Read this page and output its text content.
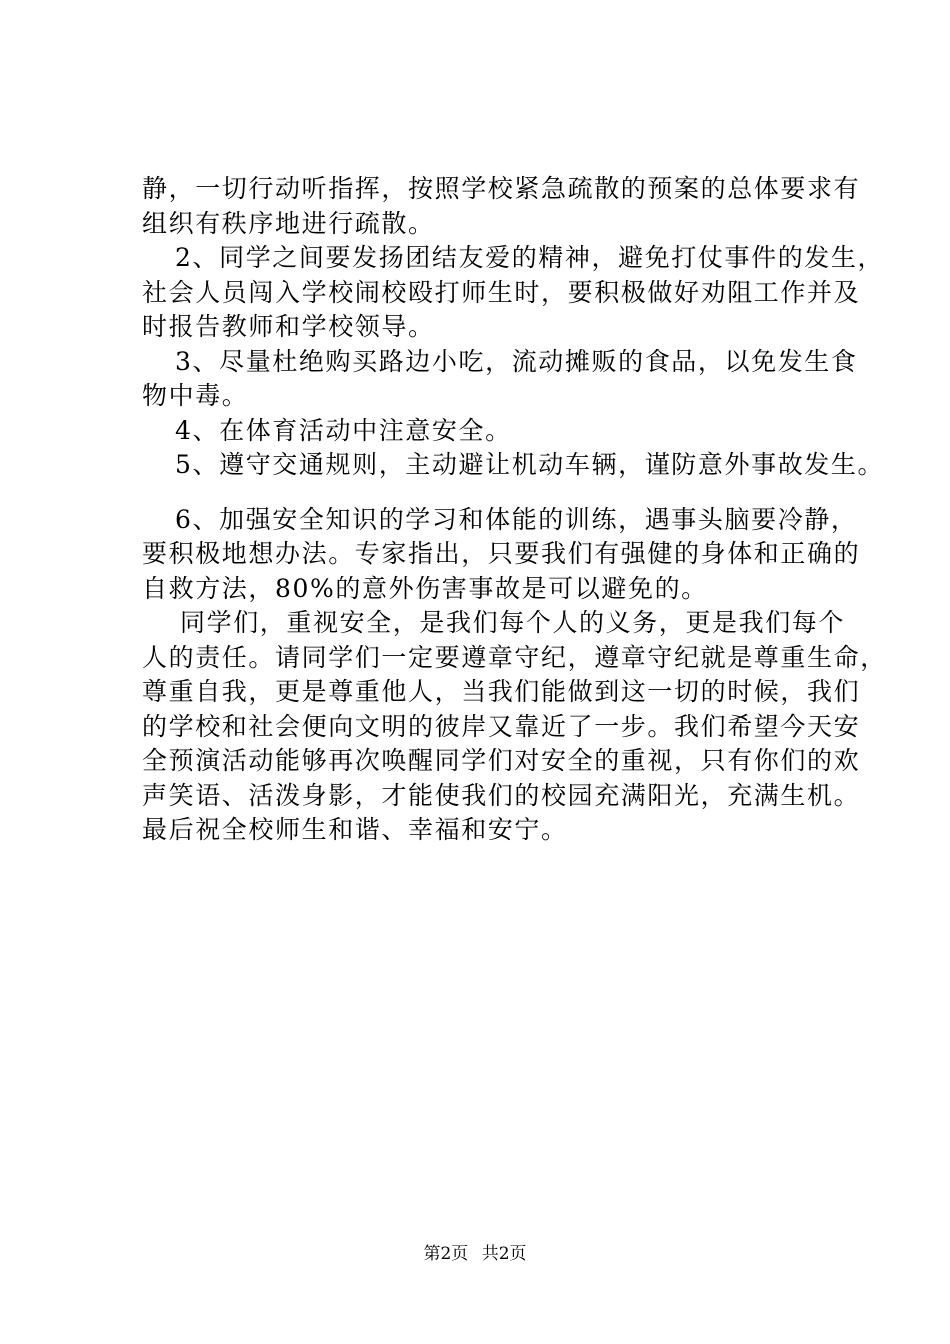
静，一切行动听指挥，按照学校紧急疏散的预案的总体要求有
组织有秩序地进行疏散。
2、同学之间要发扬团结友爱的精神，避免打仗事件的发生，
社会人员闯入学校闹校殴打师生时，要积极做好劝阻工作并及
时报告教师和学校领导。
3、尽量杜绝购买路边小吃，流动摊贩的食品，以免发生食
物中毒。
4、在体育活动中注意安全。
5、遵守交通规则，主动避让机动车辆，谨防意外事故发生。
6、加强安全知识的学习和体能的训练，遇事头脑要冷静，
要积极地想办法。专家指出，只要我们有强健的身体和正确的
自救方法，80%的意外伤害事故是可以避免的。
同学们，重视安全，是我们每个人的义务，更是我们每个
人的责任。请同学们一定要遵章守纪，遵章守纪就是尊重生命，
尊重自我，更是尊重他人，当我们能做到这一切的时候，我们
的学校和社会便向文明的彼岸又靠近了一步。我们希望今天安
全预演活动能够再次唤醒同学们对安全的重视，只有你们的欢
声笑语、活泼身影，才能使我们的校园充满阳光，充满生机。
最后祝全校师生和谐、幸福和安宁。
第2页 共2页
